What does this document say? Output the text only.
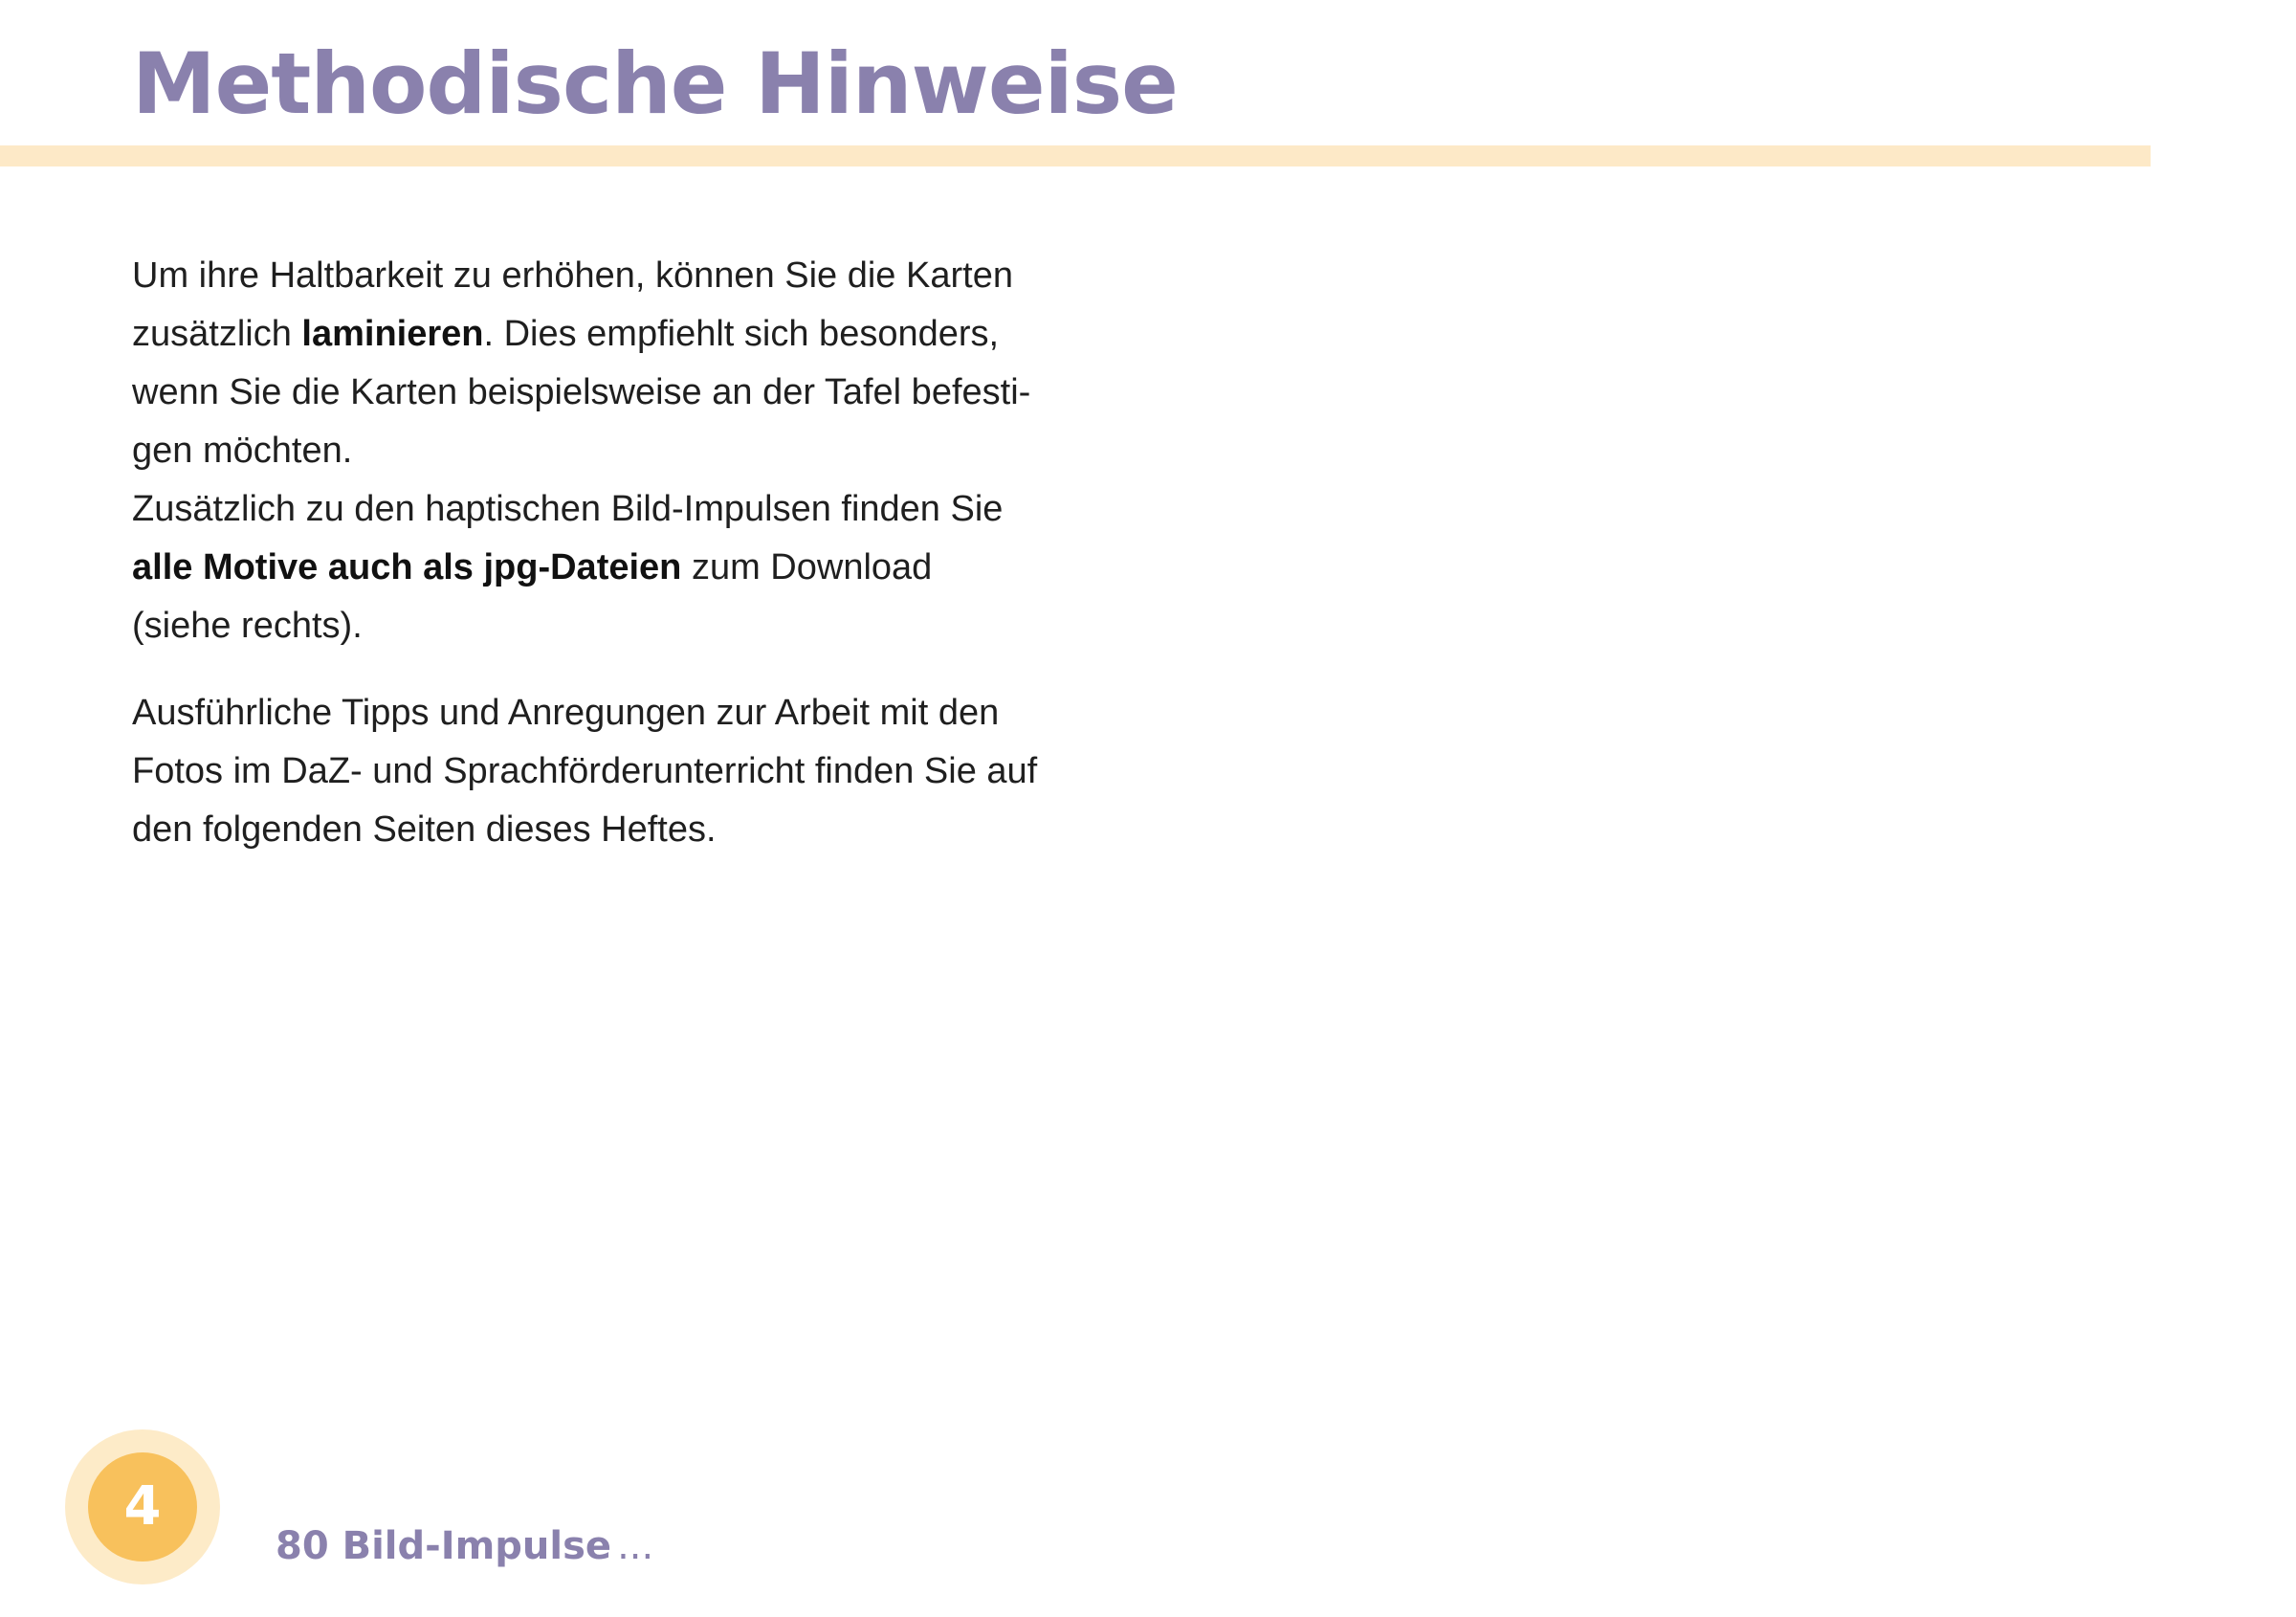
Methodische Hinweise

Um ihre Haltbarkeit zu erhöhen, können Sie die Karten

zusätzlich laminieren. Dies empfiehlt sich besonders,

wenn Sie die Karten beispielsweise an der Tafel befesti-

gen möchten.

Zusätzlich zu den haptischen Bild-Impulsen finden Sie

alle Motive auch als jpg-Dateien zum Download

(siehe rechts).

Ausführliche Tipps und Anregungen zur Arbeit mit den

Fotos im DaZ- und Sprachförderunterricht finden Sie auf

den folgenden Seiten dieses Heftes.

4
80 Bild-Impulse ...
